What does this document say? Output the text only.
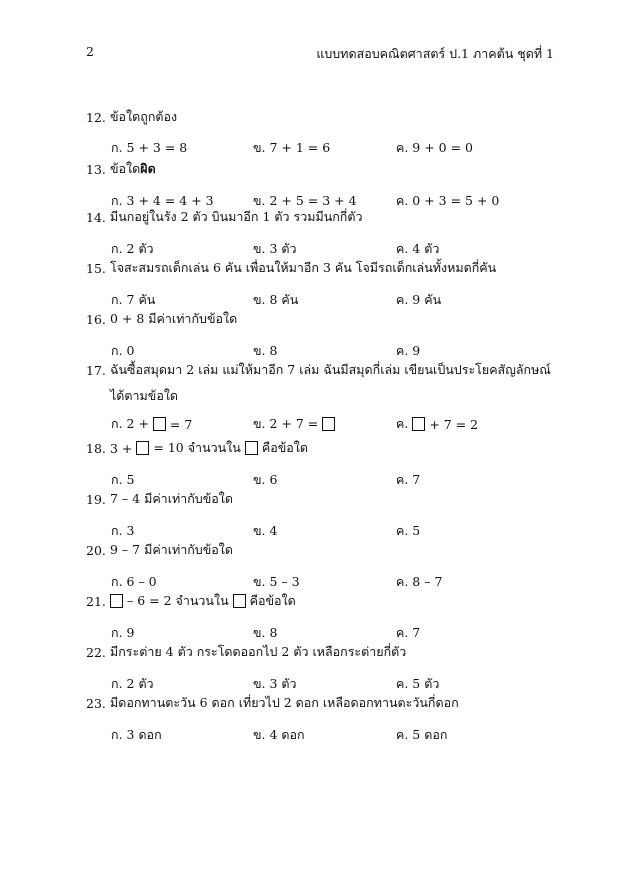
2	แบบทดสอบคณิตศาสตร์ ป.1 ภาคต้น ชุดที่ 1
12. ข้อใดถูกต้อง
ก. 5 + 3 = 8	ข. 7 + 1 = 6	ค. 9 + 0 = 0
13. ข้อใด ผิด
ก. 3 + 4 = 4 + 3	ข. 2 + 5 = 3 + 4	ค. 0 + 3 = 5 + 0
14. มีนกอยู่ในรัง 2 ตัว บินมาอีก 1 ตัว รวมมีนกกี่ตัว
ก. 2 ตัว	ข. 3 ตัว	ค. 4 ตัว
15. โจสะสมรถเด็กเล่น 6 คัน เพื่อนให้มาอีก 3 คัน โจมีรถเด็กเล่นทั้งหมดกี่คัน
ก. 7 คัน	ข. 8 คัน	ค. 9 คัน
16. 0 + 8 มีค่าเท่ากับข้อใด
ก. 0	ข. 8	ค. 9
17. ฉันซื้อสมุดมา 2 เล่ม แม่ให้มาอีก 7 เล่ม ฉันมีสมุดกี่เล่ม เขียนเป็นประโยคสัญลักษณ์
ได้ตามข้อใด
ก. 2 + = 7	ข. 2 + 7 =	ค. + 7 = 2
18. 3 + = 10 จำนวนใน คือข้อใด
ก. 5	ข. 6	ค. 7
19. 7 – 4 มีค่าเท่ากับข้อใด
ก. 3	ข. 4	ค. 5
20. 9 – 7 มีค่าเท่ากับข้อใด
ก. 6 – 0	ข. 5 – 3	ค. 8 – 7
21.	– 6 = 2 จำนวนใน คือข้อใด
ก. 9	ข. 8	ค. 7
22. มีกระต่าย 4 ตัว กระโดดออกไป 2 ตัว เหลือกระต่ายกี่ตัว
ก. 2 ตัว	ข. 3 ตัว	ค. 5 ตัว
23. มีดอกทานตะวัน 6 ดอก เที่ยวไป 2 ดอก เหลือดอกทานตะวันกี่ดอก
ก. 3 ดอก	ข. 4 ดอก	ค. 5 ดอก
